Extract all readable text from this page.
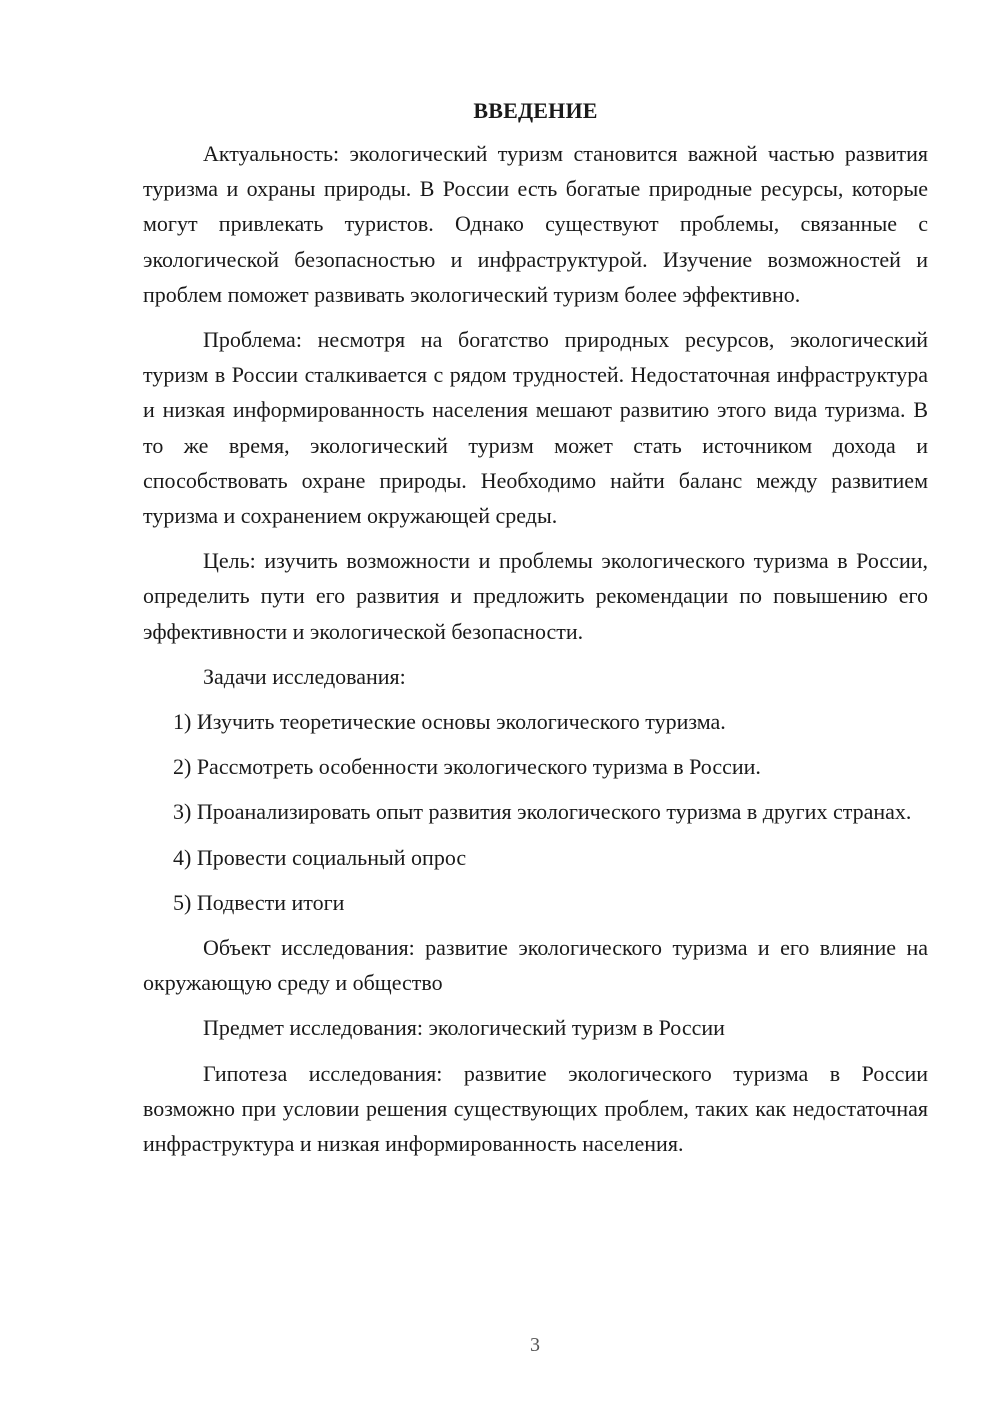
ВВЕДЕНИЕ

Актуальность: экологический туризм становится важной частью развития туризма и охраны природы. В России есть богатые природные ресурсы, которые могут привлекать туристов. Однако существуют проблемы, связанные с экологической безопасностью и инфраструктурой. Изучение возможностей и проблем поможет развивать экологический туризм более эффективно.

Проблема: несмотря на богатство природных ресурсов, экологический туризм в России сталкивается с рядом трудностей. Недостаточная инфраструктура и низкая информированность населения мешают развитию этого вида туризма. В то же время, экологический туризм может стать источником дохода и способствовать охране природы. Необходимо найти баланс между развитием туризма и сохранением окружающей среды.

Цель: изучить возможности и проблемы экологического туризма в России, определить пути его развития и предложить рекомендации по повышению его эффективности и экологической безопасности.

Задачи исследования:

1) Изучить теоретические основы экологического туризма.

2) Рассмотреть особенности экологического туризма в России.

3) Проанализировать опыт развития экологического туризма в других странах.

4) Провести социальный опрос

5) Подвести итоги

Объект исследования: развитие экологического туризма и его влияние на окружающую среду и общество

Предмет исследования: экологический туризм в России

Гипотеза исследования: развитие экологического туризма в России возможно при условии решения существующих проблем, таких как недостаточная инфраструктура и низкая информированность населения.

3
